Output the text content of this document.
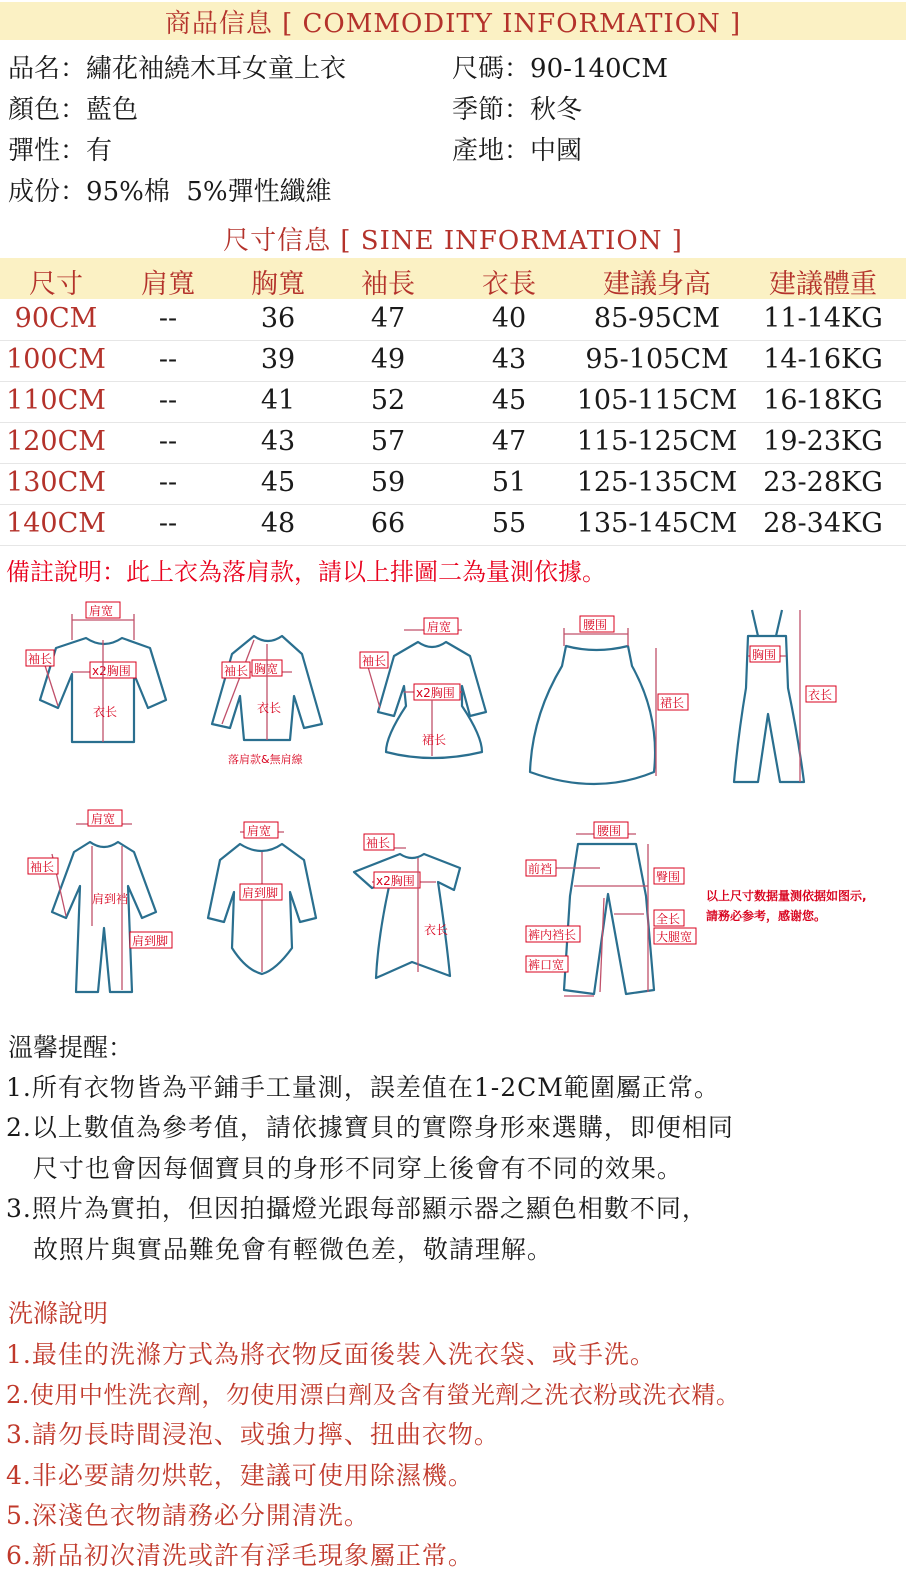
商品信息 [ COMMODITY INFORMATION ]
品名：繡花袖繞木耳女童上衣	尺碼：90-140CM
顏色：藍色	季節：秋冬
彈性：有	產地：中國
成份：95%棉  5%彈性纖維
尺寸信息 [ SINE INFORMATION ]
尺寸	肩寬	胸寬	袖長	衣長	建議身高	建議體重
90CM	--	36	47	40	85-95CM	11-14KG
100CM	--	39	49	43	95-105CM	14-16KG
110CM	--	41	52	45	105-115CM 16-18KG
120CM	--	43	57	47	115-125CM 19-23KG
130CM	--	45	59	51	125-135CM 23-28KG
140CM	--	48	66	55	135-145CM 28-34KG
備註說明：此上衣為落肩款，請以上排圖二為量測依據。
肩宽
x2胸围
衣长
袖长
胸宽
衣长
袖长
落肩款&無肩線
肩宽
x2胸围
裙长
袖长
腰围
裙长
胸围
衣长
肩宽
肩到裆
肩到脚
袖长
肩宽
肩到脚
袖长
x2胸围
衣长
腰围
前裆
臀围
全长
大腿宽
裤内裆长
裤口宽
以上尺寸数据量测依据如图示,
請務必参考，感谢您。
溫馨提醒：
1.所有衣物皆為平鋪手工量測，誤差值在1-2CM範圍屬正常。
2.以上數值為參考值，請依據寶貝的實際身形來選購，即便相同
尺寸也會因每個寶貝的身形不同穿上後會有不同的效果。
3.照片為實拍，但因拍攝燈光跟每部顯示器之顯色相數不同，
故照片與實品難免會有輕微色差，敬請理解。
洗滌說明
1.最佳的洗滌方式為將衣物反面後裝入洗衣袋、或手洗。
2.使用中性洗衣劑，勿使用漂白劑及含有螢光劑之洗衣粉或洗衣精。
3.請勿長時間浸泡、或強力擰、扭曲衣物。
4.非必要請勿烘乾，建議可使用除濕機。
5.深淺色衣物請務必分開清洗。
6.新品初次清洗或許有浮毛現象屬正常。
